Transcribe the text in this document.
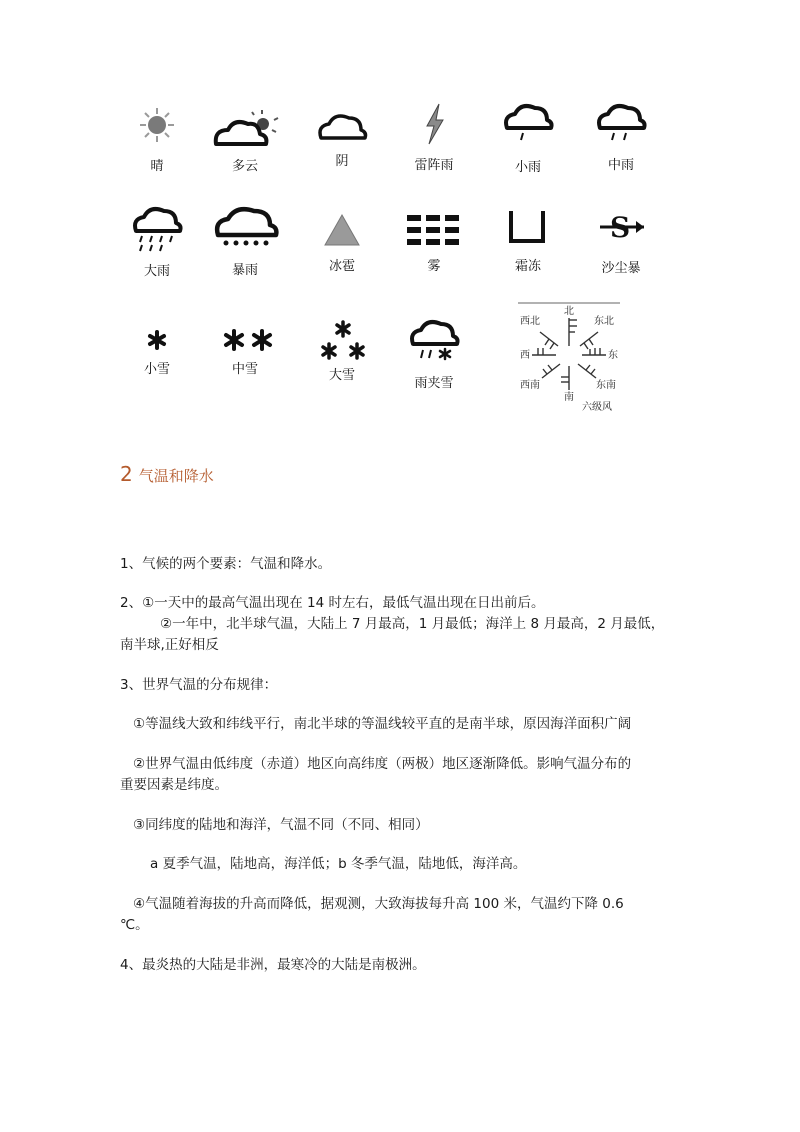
晴	多云	阴	雷阵雨	小雨	中雨
大雨	暴雨	冰雹	雾	霜冻
S
沙尘暴
小雪	中雪	大雪
雨夹雪
北
东北
西北
西	东
西南	东南
南
六级风
2 气温和降水
1、气候的两个要素：气温和降水。
2、①一天中的最高气温出现在 14 时左右，最低气温出现在日出前后。
②一年中，北半球气温，大陆上 7 月最高，1 月最低；海洋上 8 月最高，2 月最低，
南半球,正好相反
3、世界气温的分布规律：
①等温线大致和纬线平行，南北半球的等温线较平直的是南半球，原因海洋面积广阔
②世界气温由低纬度（赤道）地区向高纬度（两极）地区逐渐降低。影响气温分布的
重要因素是纬度。
③同纬度的陆地和海洋，气温不同（不同、相同）
a 夏季气温，陆地高，海洋低；b 冬季气温，陆地低，海洋高。
④气温随着海拔的升高而降低，据观测，大致海拔每升高 100 米，气温约下降 0.6
℃。
4、最炎热的大陆是非洲，最寒冷的大陆是南极洲。
